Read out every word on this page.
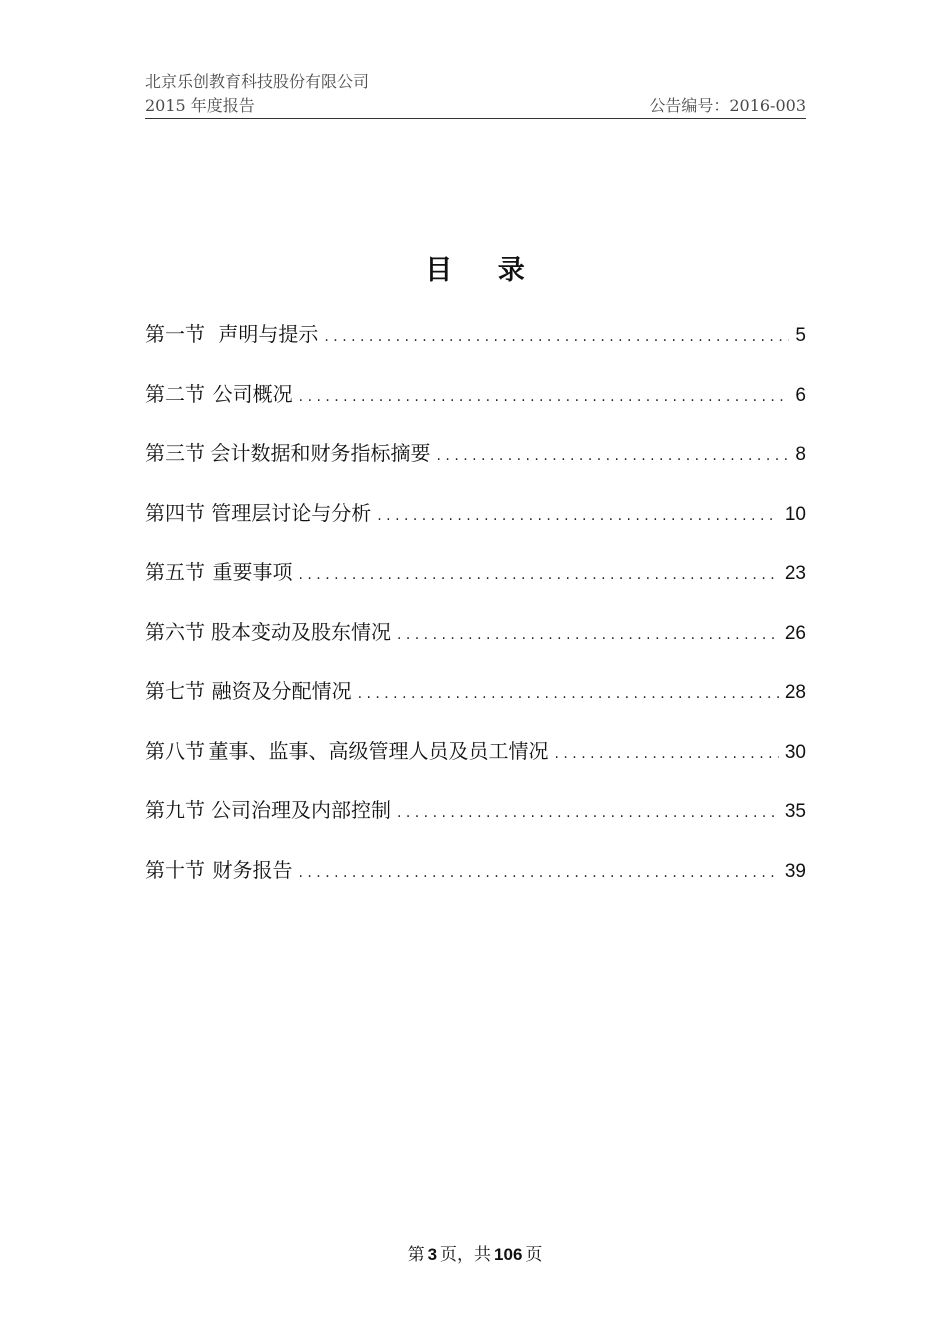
北京乐创教育科技股份有限公司
2015 年度报告	公告编号：2016-003
目 录
第一节 声明与提示 . . .	5
第二节 公司概况 . . .	6
第三节 会计数据和财务指标摘要 . . .	8
第四节 管理层讨论与分析 . . .	10
第五节 重要事项 . . .	23
第六节 股本变动及股东情况 . . .	26
第七节 融资及分配情况 . . .	28
第八节 董事、监事、高级管理人员及员工情况 . . .	30
第九节 公司治理及内部控制 . . .	35
第十节 财务报告 . . .	39
第 3 页，共 106 页
